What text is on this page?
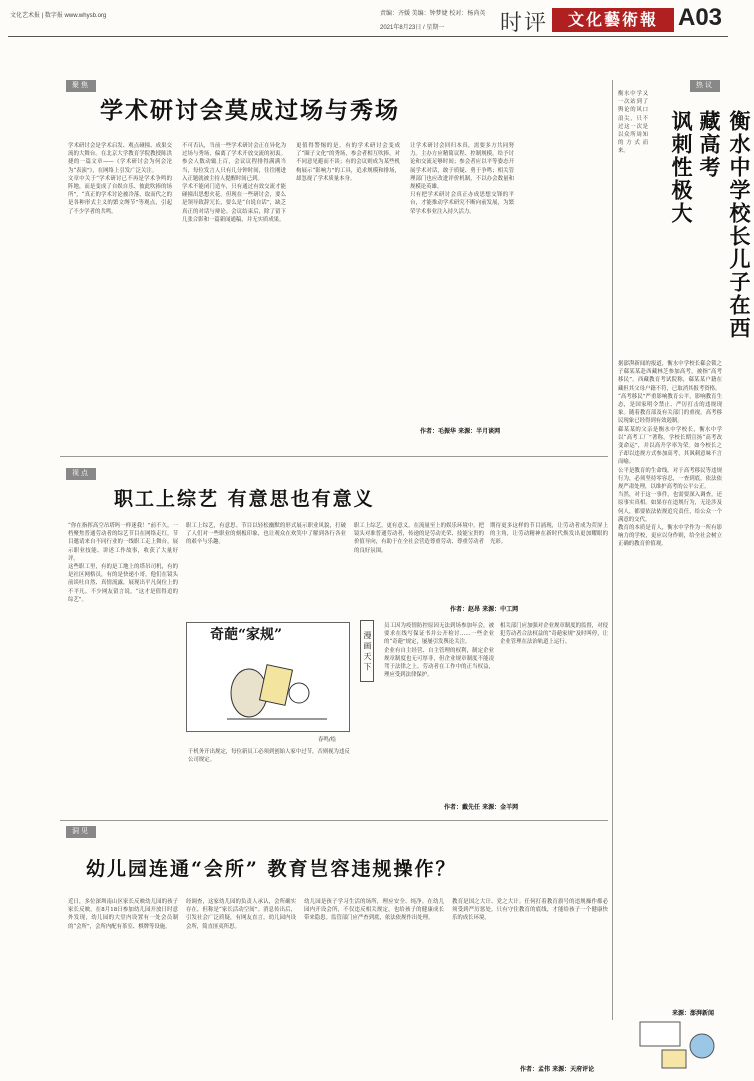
文化艺术报 | 数字报 www.whysb.org	责编：齐媛 美编：钟梦婕 校对：杨尚英
2021年8月23日 / 星期一	时评	文化藝術報 A03
聚焦
学术研讨会莫成过场与秀场

学术研讨会是学术启发、观点碰撞、成果交流的大舞台。在北京大学教育学院教授陈洪捷的一篇文章——《学术研讨会为何会沦为“表演”》，在网络上引发广泛关注。

文章中关于“学术研讨已不再是学术争鸣的阵地，而是变成了自娱自乐、彼此吹捧的场所”，“真正的学术讨论被冷落，取而代之的是各种形式主义的繁文缛节”等观点，引起了不少学者的共鸣。

不可否认，当前一些学术研讨会正在异化为过场与秀场，偏离了学术开放交流的初衷。参会人数动辄上百，会议议程排得满满当当，每位发言人只有几分钟时间，往往刚进入正题就被主持人提醒时间已到。

学术不能闭门造车，只有通过有效交流才能碰撞出思想火花。但现在一些研讨会，要么是领导致辞冗长，要么是“自说自话”，缺乏真正的对话与辩论。会议结束后，除了留下几张合影和一篇新闻通稿，并无实质成果。

更值得警惕的是，有的学术研讨会变成了“圈子文化”的秀场，参会者相互吹捧，对不同意见避而不谈；有的会议则成为某些机构展示“影响力”的工具，追求规模和排场，却忽视了学术质量本身。

让学术研讨会回归本真，需要多方共同努力。主办方应精简议程、控制规模，给予讨论和交流足够时间；参会者应以平等姿态开展学术对话，敢于质疑、勇于争鸣；相关管理部门也应改进评价机制，不以办会数量和规模论英雄。

只有把学术研讨会真正办成思想交锋的平台，才能推动学术研究不断向前发展，为繁荣学术事业注入持久活力。

作者：毛振华 来源：半月谈网
热议
衡水中学校长儿子在西藏高考
讽刺性极大

衡水中学又一次站到了舆论的风口浪尖，只不过这一次是以众所周知的方式而来。

据澎湃新闻的报道，衡水中学校长郗会锁之子郗某某赴西藏林芝参加高考，被指“高考移民”。西藏教育考试院称，郗某某户籍在藏但其父母户籍不符，已取消其报考资格。

“高考移民”严重影响教育公平，影响教育生态，是国家明令禁止、严厉打击的违规现象。随着教育部及有关部门的重视，高考移民现象已经得到有效遏制。

郗某某的父亲是衡水中学校长，衡水中学以“高考工厂”著称，学校长期宣扬“高考改变命运”，并以高升学率为荣。如今校长之子却以违规方式参加高考，其讽刺意味不言而喻。

公平是教育的生命线。对于高考移民等违规行为，必须坚持零容忍，一查到底，依法依规严肃处理，以维护高考的公平公正。

当然，对于这一事件，也需要深入调查，还原事实真相。如果存在违规行为，无论涉及何人，都要依法依规追究责任，给公众一个满意的交代。

教育的本质是育人，衡水中学作为一所有影响力的学校，更应以身作则，给全社会树立正确的教育价值观。

来源：澎湃新闻
视点
职工上综艺 有意思也有意义

“你在指挥高空吊塔吗一样迷我！”前不久，一档聚焦普通劳动者的综艺节目在网络走红，节目邀请来自不同行业的一线职工走上舞台，展示职业技能、讲述工作故事，收获了大量好评。

这些职工里，有的是工地上的塔吊司机，有的是社区网格员，有的是快递小哥。他们在镜头前谈吐自然、真情流露，展现出平凡岗位上的不平凡。不少网友留言说，“这才是值得追的综艺”。

职工上综艺，有意思。节目以轻松幽默的形式展示职业风貌，打破了人们对一些职业的刻板印象，也让观众在欢笑中了解到各行各业的艰辛与乐趣。

职工上综艺，更有意义。在流量至上的娱乐环境中，把镜头对准普通劳动者，传递的是劳动光荣、技能宝贵的价值导向，有助于在全社会营造尊重劳动、尊重劳动者的良好氛围。

期待更多这样的节目涌现，让劳动者成为荧屏上的主角，让劳动精神在新时代焕发出更加耀眼的光彩。

作者：赵昂 来源：中工网
奇葩“家规”
春鸣/绘
千机务开出规定，每位新员工必须到创始人家中过节，否则视为违反公司规定。
漫 画 天 下

员工因为疫情防控原因无法到场参加年会，被要求在线写保证书并公开检讨……一些企业的“奇葩”规定，屡屡引发舆论关注。

企业有自主经营、自主管理的权利，制定企业规章制度也无可厚非，但企业规章制度不能凌驾于法律之上。劳动者在工作中的正当权益，理应受到法律保护。

相关部门应加强对企业规章制度的监督，对侵犯劳动者合法权益的“奇葩家规”及时叫停，让企业管理在法治轨道上运行。

作者：戴先任 来源：金羊网
洞见
幼儿园连通“会所” 教育岂容违规操作？

近日，多位深圳南山区家长反映幼儿园的孩子家长反映，在8月18日参加幼儿园开放日时意外发现，幼儿园的大堂内设置有一处会员制的“会所”，会所内配有茶室、棋牌等设施。

经调查，这家幼儿园的负责人承认，会所确实存在，但称是“家长活动空间”。消息传出后，引发社会广泛质疑，有网友直言，幼儿园内设会所，简直匪夷所思。

幼儿园是孩子学习生活的场所，理应安全、纯净。在幼儿园内开设会所，不仅违反相关规定，也给孩子的健康成长带来隐患。监管部门应严查到底，依法依规作出处理。

教育是国之大计、党之大计。任何打着教育旗号的违规操作都必须受到严厉惩处。只有守住教育的底线，才能给孩子一个健康快乐的成长环境。

作者：孟伟 来源：天府评论
